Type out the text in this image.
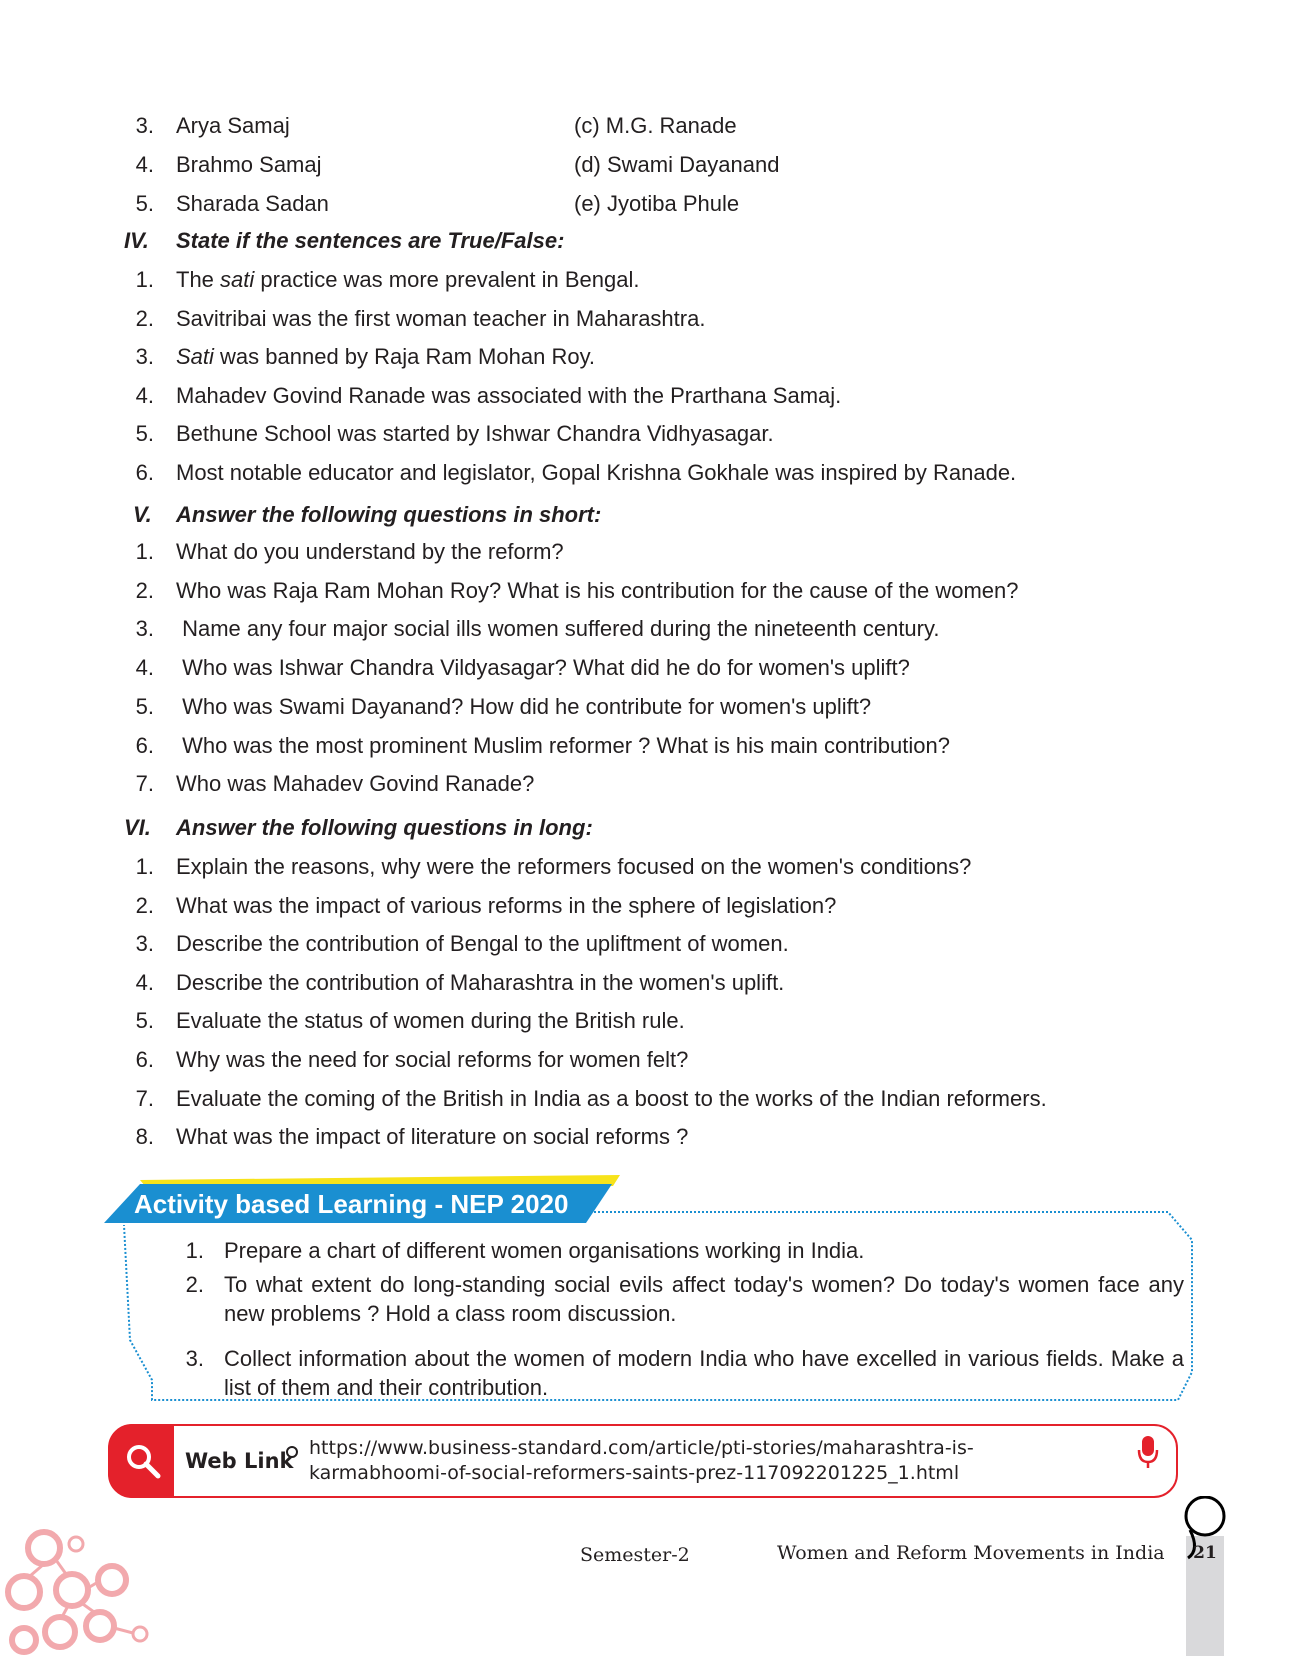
3. Arya Samaj	(c) M.G. Ranade
4. Brahmo Samaj	(d) Swami Dayanand
5. Sharada Sadan	(e) Jyotiba Phule
IV. State if the sentences are True/False:
1. The sati practice was more prevalent in Bengal.
2. Savitribai was the first woman teacher in Maharashtra.
3. Sati was banned by Raja Ram Mohan Roy.
4. Mahadev Govind Ranade was associated with the Prarthana Samaj.
5. Bethune School was started by Ishwar Chandra Vidhyasagar.
6. Most notable educator and legislator, Gopal Krishna Gokhale was inspired by Ranade.
V. Answer the following questions in short:
1. What do you understand by the reform?
2. Who was Raja Ram Mohan Roy? What is his contribution for the cause of the women?
3. Name any four major social ills women suffered during the nineteenth century.
4. Who was Ishwar Chandra Vildyasagar? What did he do for women's uplift?
5. Who was Swami Dayanand? How did he contribute for women's uplift?
6. Who was the most prominent Muslim reformer ? What is his main contribution?
7. Who was Mahadev Govind Ranade?
VI. Answer the following questions in long:
1. Explain the reasons, why were the reformers focused on the women's conditions?
2. What was the impact of various reforms in the sphere of legislation?
3. Describe the contribution of Bengal to the upliftment of women.
4. Describe the contribution of Maharashtra in the women's uplift.
5. Evaluate the status of women during the British rule.
6. Why was the need for social reforms for women felt?
7. Evaluate the coming of the British in India as a boost to the works of the Indian reformers.
8. What was the impact of literature on social reforms ?
Activity based Learning - NEP 2020
1. Prepare a chart of different women organisations working in India.
2. To what extent do long-standing social evils affect today's women? Do today's women face any new problems ? Hold a class room discussion.
3. Collect information about the women of modern India who have excelled in various fields. Make a list of them and their contribution.
Web Link
https://www.business-standard.com/article/pti-stories/maharashtra-is-
karmabhoomi-of-social-reformers-saints-prez-117092201225_1.html
Semester-2	Women and Reform Movements in India	21
